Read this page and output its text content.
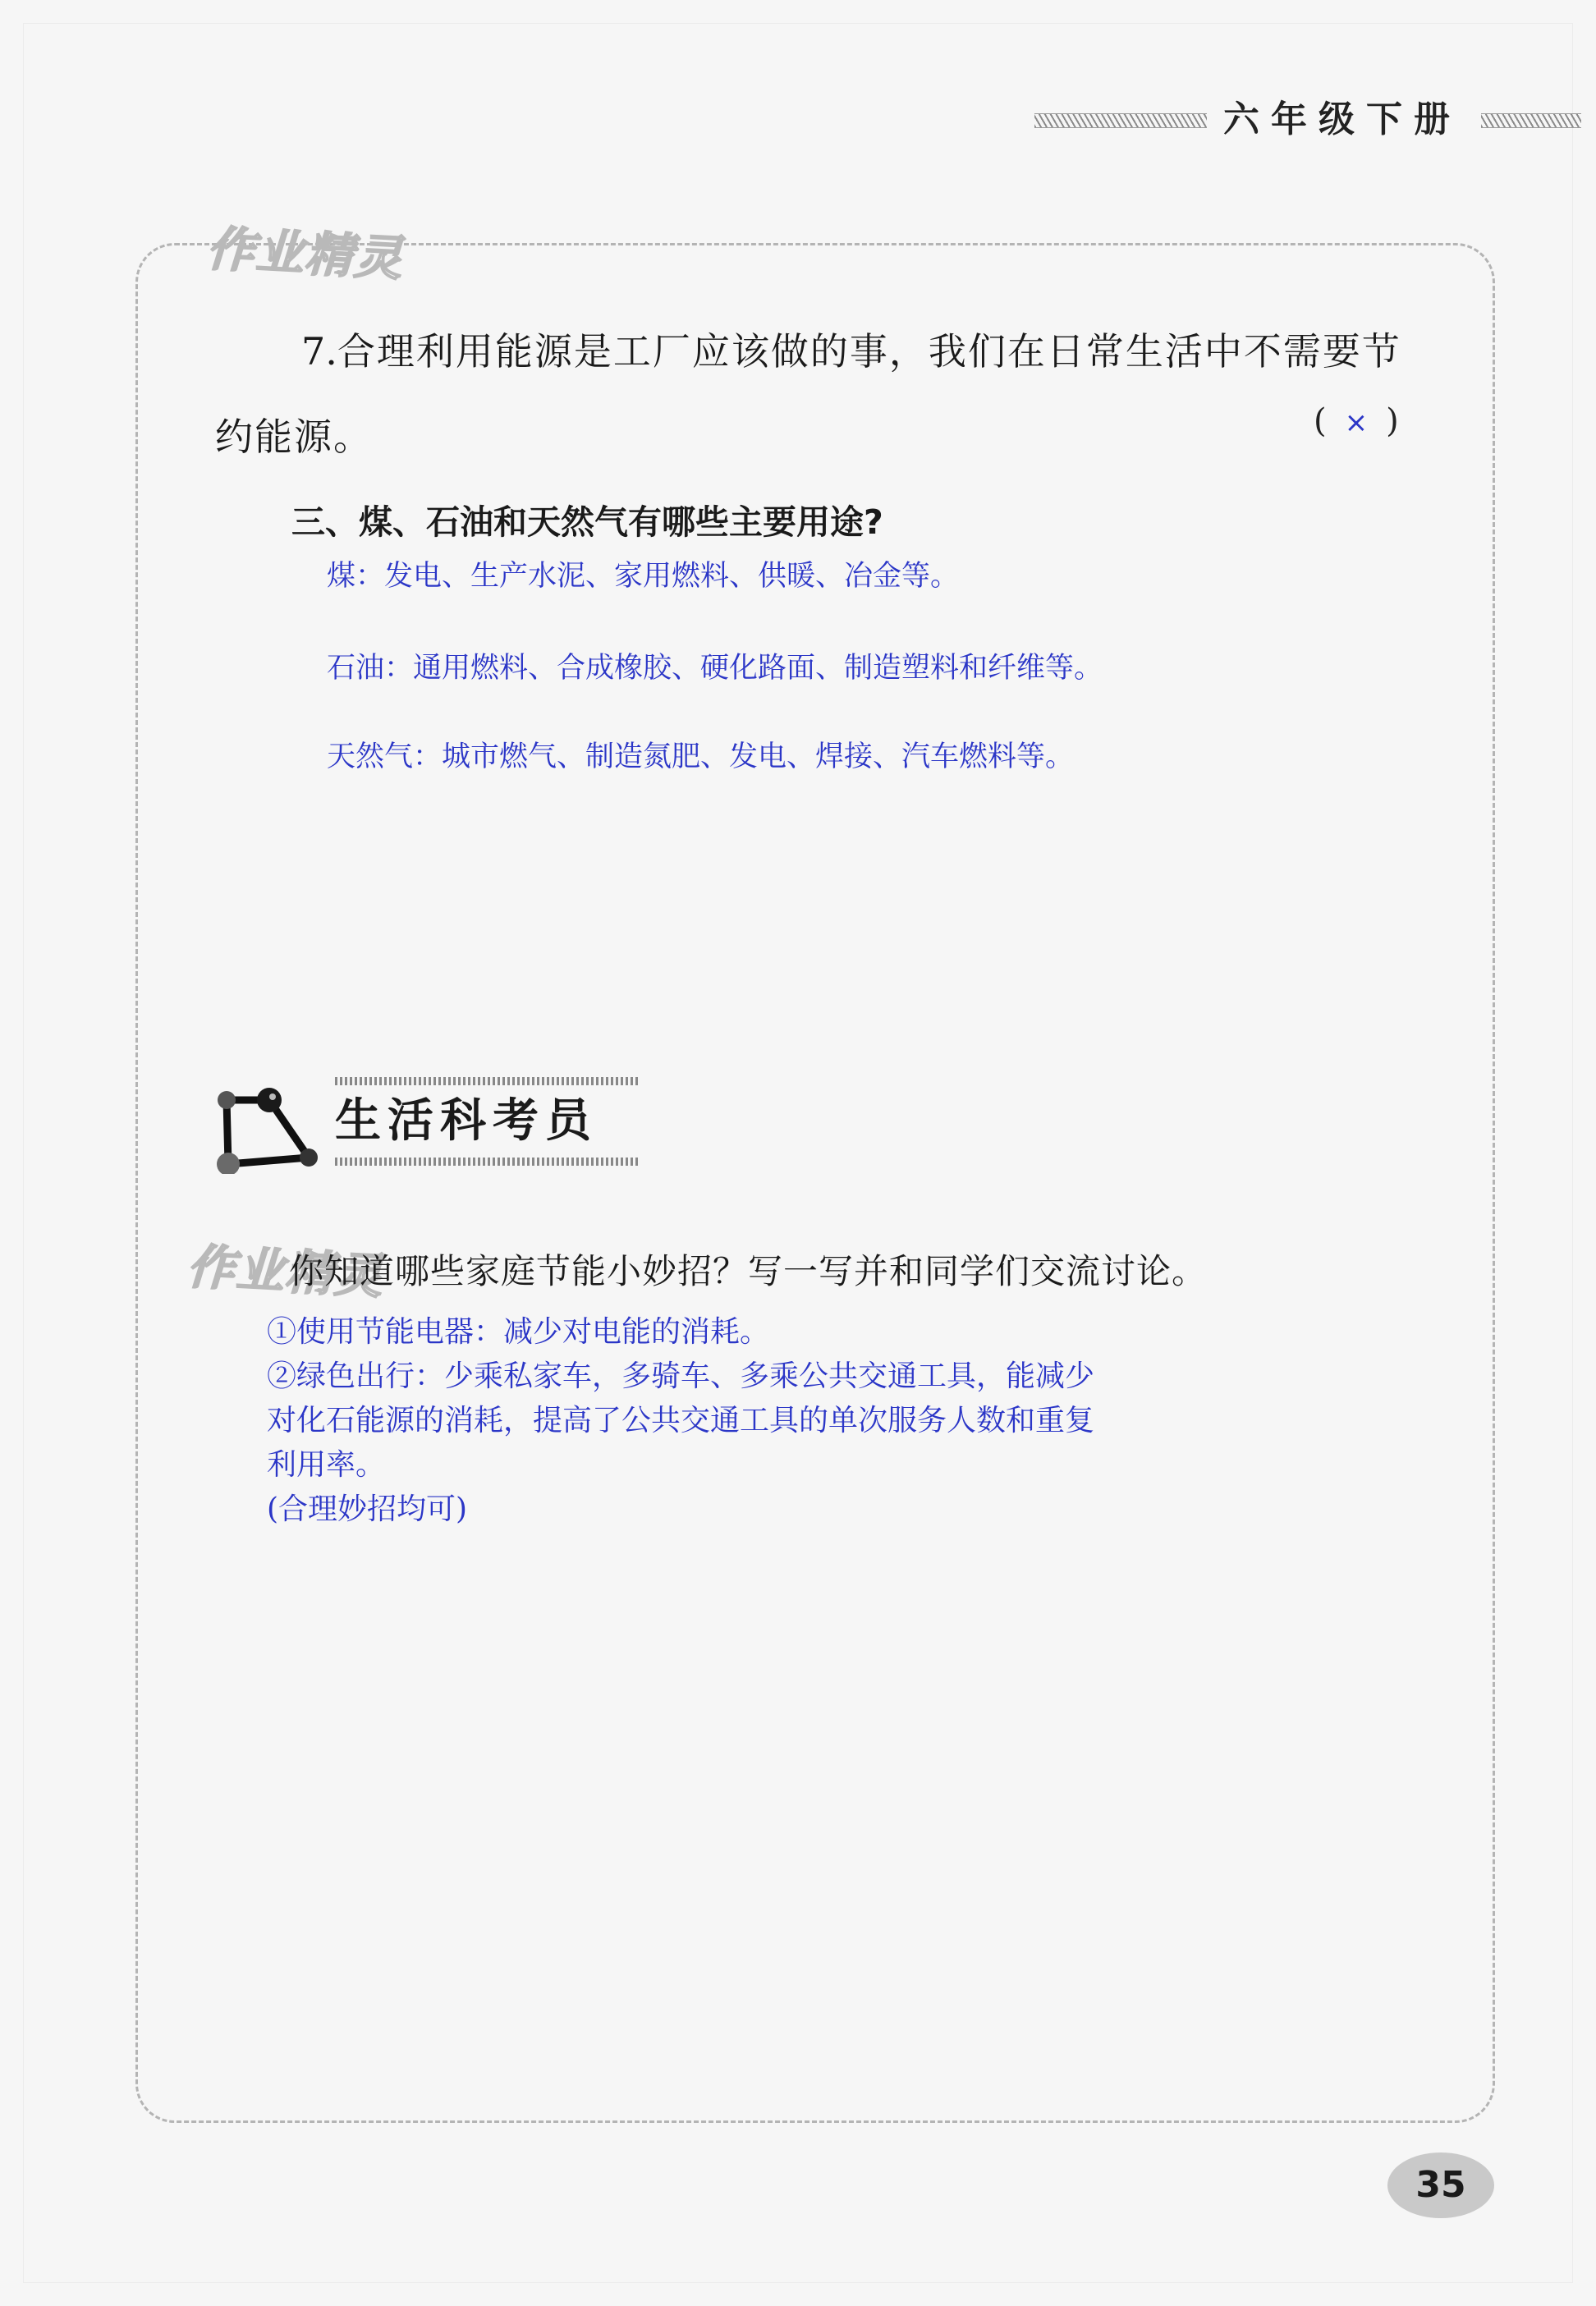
六年级下册
作业精灵
7.合理利用能源是工厂应该做的事，我们在日常生活中不需要节约能源。	( × )
三、煤、石油和天然气有哪些主要用途?
煤：发电、生产水泥、家用燃料、供暖、冶金等。
石油：通用燃料、合成橡胶、硬化路面、制造塑料和纤维等。
天然气：城市燃气、制造氮肥、发电、焊接、汽车燃料等。
生活科考员
作业精灵
你知道哪些家庭节能小妙招？写一写并和同学们交流讨论。
①使用节能电器：减少对电能的消耗。
②绿色出行：少乘私家车，多骑车、多乘公共交通工具，能减少
对化石能源的消耗，提高了公共交通工具的单次服务人数和重复
利用率。
(合理妙招均可)
35
